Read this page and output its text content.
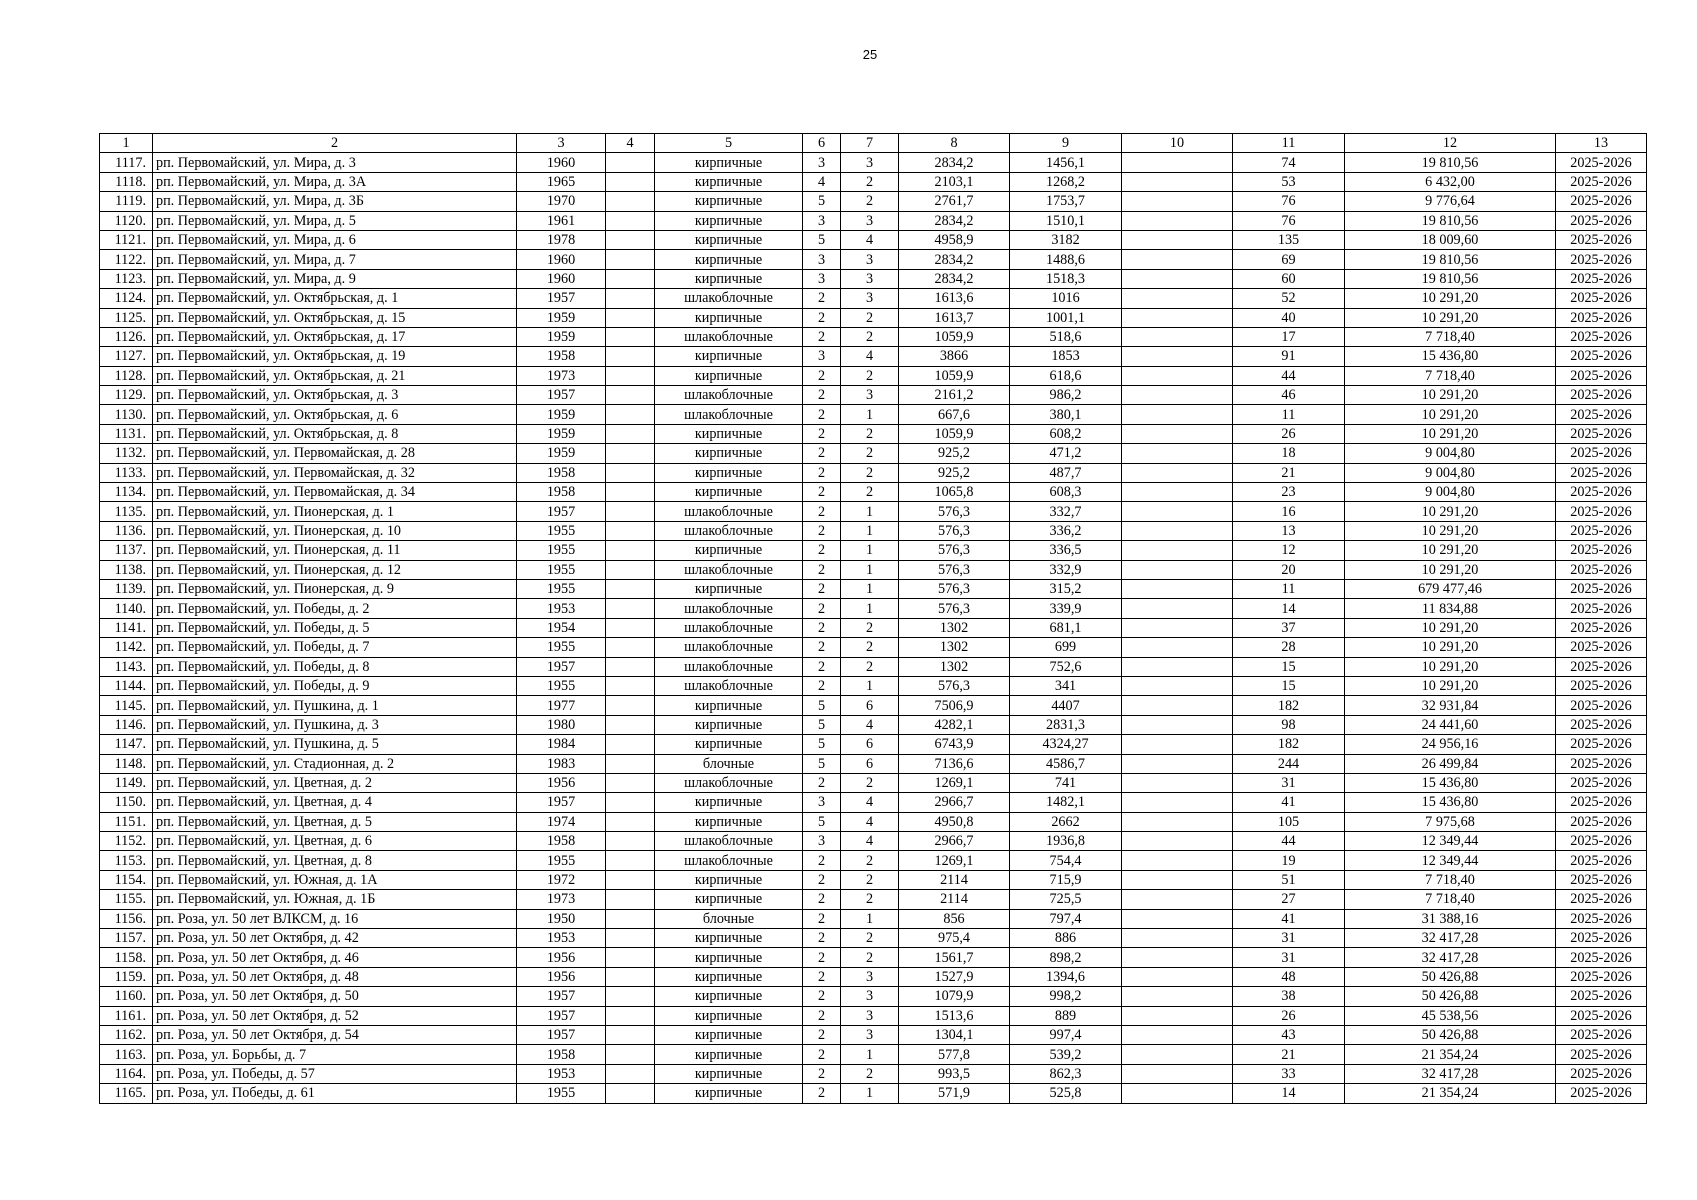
25
1	2	3	4	5	6	7	8	9	10	11	12	13
1117.	рп. Первомайский, ул. Мира, д. 3	1960		кирпичные	3	3	2834,2	1456,1		74	19 810,56	2025-2026
1118.	рп. Первомайский, ул. Мира, д. 3А	1965		кирпичные	4	2	2103,1	1268,2		53	6 432,00	2025-2026
1119.	рп. Первомайский, ул. Мира, д. 3Б	1970		кирпичные	5	2	2761,7	1753,7		76	9 776,64	2025-2026
1120.	рп. Первомайский, ул. Мира, д. 5	1961		кирпичные	3	3	2834,2	1510,1		76	19 810,56	2025-2026
1121.	рп. Первомайский, ул. Мира, д. 6	1978		кирпичные	5	4	4958,9	3182		135	18 009,60	2025-2026
1122.	рп. Первомайский, ул. Мира, д. 7	1960		кирпичные	3	3	2834,2	1488,6		69	19 810,56	2025-2026
1123.	рп. Первомайский, ул. Мира, д. 9	1960		кирпичные	3	3	2834,2	1518,3		60	19 810,56	2025-2026
1124.	рп. Первомайский, ул. Октябрьская, д. 1	1957		шлакоблочные	2	3	1613,6	1016		52	10 291,20	2025-2026
1125.	рп. Первомайский, ул. Октябрьская, д. 15	1959		кирпичные	2	2	1613,7	1001,1		40	10 291,20	2025-2026
1126.	рп. Первомайский, ул. Октябрьская, д. 17	1959		шлакоблочные	2	2	1059,9	518,6		17	7 718,40	2025-2026
1127.	рп. Первомайский, ул. Октябрьская, д. 19	1958		кирпичные	3	4	3866	1853		91	15 436,80	2025-2026
1128.	рп. Первомайский, ул. Октябрьская, д. 21	1973		кирпичные	2	2	1059,9	618,6		44	7 718,40	2025-2026
1129.	рп. Первомайский, ул. Октябрьская, д. 3	1957		шлакоблочные	2	3	2161,2	986,2		46	10 291,20	2025-2026
1130.	рп. Первомайский, ул. Октябрьская, д. 6	1959		шлакоблочные	2	1	667,6	380,1		11	10 291,20	2025-2026
1131.	рп. Первомайский, ул. Октябрьская, д. 8	1959		кирпичные	2	2	1059,9	608,2		26	10 291,20	2025-2026
1132.	рп. Первомайский, ул. Первомайская, д. 28	1959		кирпичные	2	2	925,2	471,2		18	9 004,80	2025-2026
1133.	рп. Первомайский, ул. Первомайская, д. 32	1958		кирпичные	2	2	925,2	487,7		21	9 004,80	2025-2026
1134.	рп. Первомайский, ул. Первомайская, д. 34	1958		кирпичные	2	2	1065,8	608,3		23	9 004,80	2025-2026
1135.	рп. Первомайский, ул. Пионерская, д. 1	1957		шлакоблочные	2	1	576,3	332,7		16	10 291,20	2025-2026
1136.	рп. Первомайский, ул. Пионерская, д. 10	1955		шлакоблочные	2	1	576,3	336,2		13	10 291,20	2025-2026
1137.	рп. Первомайский, ул. Пионерская, д. 11	1955		кирпичные	2	1	576,3	336,5		12	10 291,20	2025-2026
1138.	рп. Первомайский, ул. Пионерская, д. 12	1955		шлакоблочные	2	1	576,3	332,9		20	10 291,20	2025-2026
1139.	рп. Первомайский, ул. Пионерская, д. 9	1955		кирпичные	2	1	576,3	315,2		11	679 477,46	2025-2026
1140.	рп. Первомайский, ул. Победы, д. 2	1953		шлакоблочные	2	1	576,3	339,9		14	11 834,88	2025-2026
1141.	рп. Первомайский, ул. Победы, д. 5	1954		шлакоблочные	2	2	1302	681,1		37	10 291,20	2025-2026
1142.	рп. Первомайский, ул. Победы, д. 7	1955		шлакоблочные	2	2	1302	699		28	10 291,20	2025-2026
1143.	рп. Первомайский, ул. Победы, д. 8	1957		шлакоблочные	2	2	1302	752,6		15	10 291,20	2025-2026
1144.	рп. Первомайский, ул. Победы, д. 9	1955		шлакоблочные	2	1	576,3	341		15	10 291,20	2025-2026
1145.	рп. Первомайский, ул. Пушкина, д. 1	1977		кирпичные	5	6	7506,9	4407		182	32 931,84	2025-2026
1146.	рп. Первомайский, ул. Пушкина, д. 3	1980		кирпичные	5	4	4282,1	2831,3		98	24 441,60	2025-2026
1147.	рп. Первомайский, ул. Пушкина, д. 5	1984		кирпичные	5	6	6743,9	4324,27		182	24 956,16	2025-2026
1148.	рп. Первомайский, ул. Стадионная, д. 2	1983		блочные	5	6	7136,6	4586,7		244	26 499,84	2025-2026
1149.	рп. Первомайский, ул. Цветная, д. 2	1956		шлакоблочные	2	2	1269,1	741		31	15 436,80	2025-2026
1150.	рп. Первомайский, ул. Цветная, д. 4	1957		кирпичные	3	4	2966,7	1482,1		41	15 436,80	2025-2026
1151.	рп. Первомайский, ул. Цветная, д. 5	1974		кирпичные	5	4	4950,8	2662		105	7 975,68	2025-2026
1152.	рп. Первомайский, ул. Цветная, д. 6	1958		шлакоблочные	3	4	2966,7	1936,8		44	12 349,44	2025-2026
1153.	рп. Первомайский, ул. Цветная, д. 8	1955		шлакоблочные	2	2	1269,1	754,4		19	12 349,44	2025-2026
1154.	рп. Первомайский, ул. Южная, д. 1А	1972		кирпичные	2	2	2114	715,9		51	7 718,40	2025-2026
1155.	рп. Первомайский, ул. Южная, д. 1Б	1973		кирпичные	2	2	2114	725,5		27	7 718,40	2025-2026
1156.	рп. Роза, ул. 50 лет ВЛКСМ, д. 16	1950		блочные	2	1	856	797,4		41	31 388,16	2025-2026
1157.	рп. Роза, ул. 50 лет Октября, д. 42	1953		кирпичные	2	2	975,4	886		31	32 417,28	2025-2026
1158.	рп. Роза, ул. 50 лет Октября, д. 46	1956		кирпичные	2	2	1561,7	898,2		31	32 417,28	2025-2026
1159.	рп. Роза, ул. 50 лет Октября, д. 48	1956		кирпичные	2	3	1527,9	1394,6		48	50 426,88	2025-2026
1160.	рп. Роза, ул. 50 лет Октября, д. 50	1957		кирпичные	2	3	1079,9	998,2		38	50 426,88	2025-2026
1161.	рп. Роза, ул. 50 лет Октября, д. 52	1957		кирпичные	2	3	1513,6	889		26	45 538,56	2025-2026
1162.	рп. Роза, ул. 50 лет Октября, д. 54	1957		кирпичные	2	3	1304,1	997,4		43	50 426,88	2025-2026
1163.	рп. Роза, ул. Борьбы, д. 7	1958		кирпичные	2	1	577,8	539,2		21	21 354,24	2025-2026
1164.	рп. Роза, ул. Победы, д. 57	1953		кирпичные	2	2	993,5	862,3		33	32 417,28	2025-2026
1165.	рп. Роза, ул. Победы, д. 61	1955		кирпичные	2	1	571,9	525,8		14	21 354,24	2025-2026
